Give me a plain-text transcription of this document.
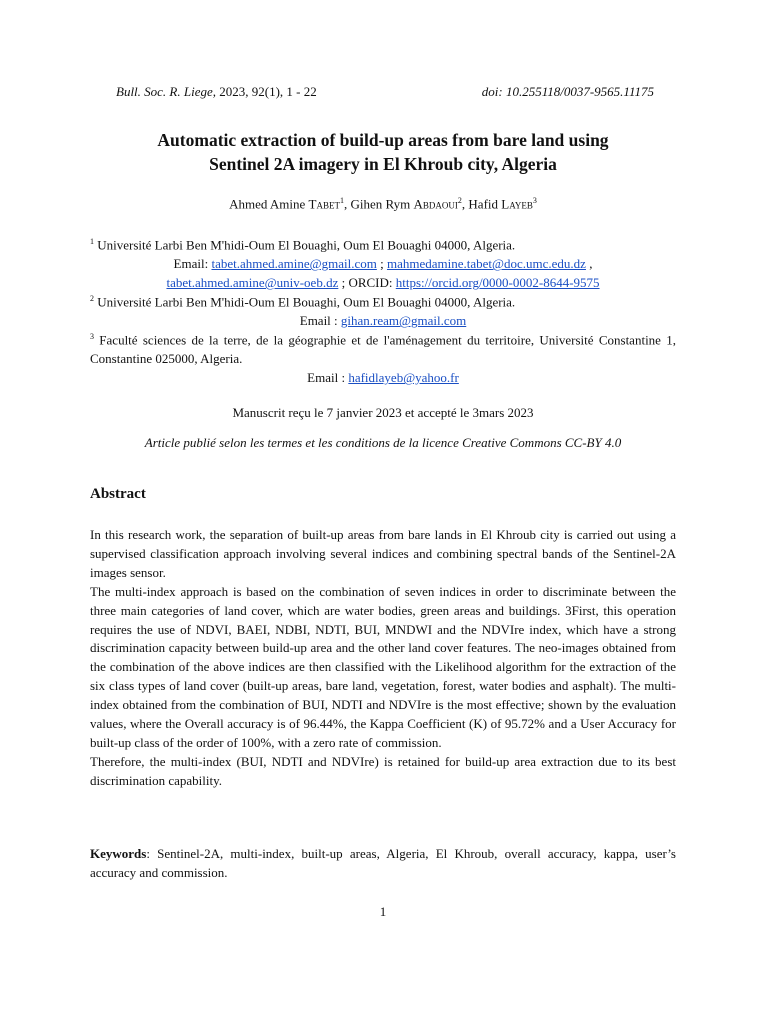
Bull. Soc. R. Liege, 2023, 92(1), 1 - 22	doi: 10.255118/0037-9565.11175
Automatic extraction of build-up areas from bare land using
Sentinel 2A imagery in El Khroub city, Algeria
Ahmed Amine Tabet$^1$, Gihen Rym Abdaoui$^2$, Hafid Layeb$^3$
$^1$ Université Larbi Ben M'hidi-Oum El Bouaghi, Oum El Bouaghi 04000, Algeria.
Email: tabet.ahmed.amine@gmail.com ; mahmedamine.tabet@doc.umc.edu.dz ,
tabet.ahmed.amine@univ-oeb.dz ; ORCID: https://orcid.org/0000-0002-8644-9575
$^2$ Université Larbi Ben M'hidi-Oum El Bouaghi, Oum El Bouaghi 04000, Algeria.
Email : gihan.ream@gmail.com
$^3$ Faculté sciences de la terre, de la géographie et de l'aménagement du territoire, Université Constantine 1, Constantine 025000, Algeria.
Email : hafidlayeb@yahoo.fr
Manuscrit reçu le 7 janvier 2023 et accepté le 3mars 2023
Article publié selon les termes et les conditions de la licence Creative Commons CC-BY 4.0
Abstract

In this research work, the separation of built-up areas from bare lands in El Khroub city is carried out using a supervised classification approach involving several indices and combining spectral bands of the Sentinel-2A images sensor.

The multi-index approach is based on the combination of seven indices in order to discriminate between the three main categories of land cover, which are water bodies, green areas and buildings. 3First, this operation requires the use of NDVI, BAEI, NDBI, NDTI, BUI, MNDWI and the NDVIre index, which have a strong discrimination capacity between build-up area and the other land cover features. The neo-images obtained from the combination of the above indices are then classified with the Likelihood algorithm for the extraction of the six class types of land cover (built-up areas, bare land, vegetation, forest, water bodies and asphalt). The multi-index obtained from the combination of BUI, NDTI and NDVIre is the most effective; shown by the evaluation values, where the Overall accuracy is of 96.44%, the Kappa Coefficient (K) of 95.72% and a User Accuracy for built-up class of the order of 100%, with a zero rate of commission.

Therefore, the multi-index (BUI, NDTI and NDVIre) is retained for build-up area extraction due to its best discrimination capability.

Keywords: Sentinel-2A, multi-index, built-up areas, Algeria, El Khroub, overall accuracy, kappa, user’s accuracy and commission.
1
